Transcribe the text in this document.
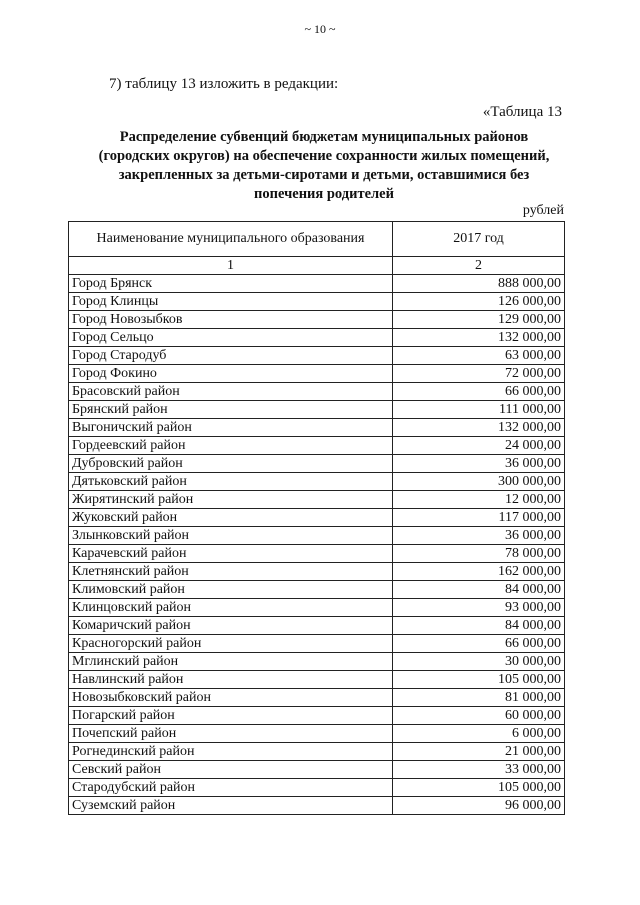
~ 10 ~
7) таблицу 13 изложить в редакции:
«Таблица 13
Распределение субвенций бюджетам муниципальных районов
(городских округов) на обеспечение сохранности жилых помещений,
закрепленных за детьми-сиротами и детьми, оставшимися без
попечения родителей
рублей
Наименование муниципального образования	2017 год
1	2
Город Брянск	888 000,00
Город Клинцы	126 000,00
Город Новозыбков	129 000,00
Город Сельцо	132 000,00
Город Стародуб	63 000,00
Город Фокино	72 000,00
Брасовский район	66 000,00
Брянский район	111 000,00
Выгоничский район	132 000,00
Гордеевский район	24 000,00
Дубровский район	36 000,00
Дятьковский район	300 000,00
Жирятинский район	12 000,00
Жуковский район	117 000,00
Злынковский район	36 000,00
Карачевский район	78 000,00
Клетнянский район	162 000,00
Климовский район	84 000,00
Клинцовский район	93 000,00
Комаричский район	84 000,00
Красногорский район	66 000,00
Мглинский район	30 000,00
Навлинский район	105 000,00
Новозыбковский район	81 000,00
Погарский район	60 000,00
Почепский район	6 000,00
Рогнединский район	21 000,00
Севский район	33 000,00
Стародубский район	105 000,00
Суземский район	96 000,00
